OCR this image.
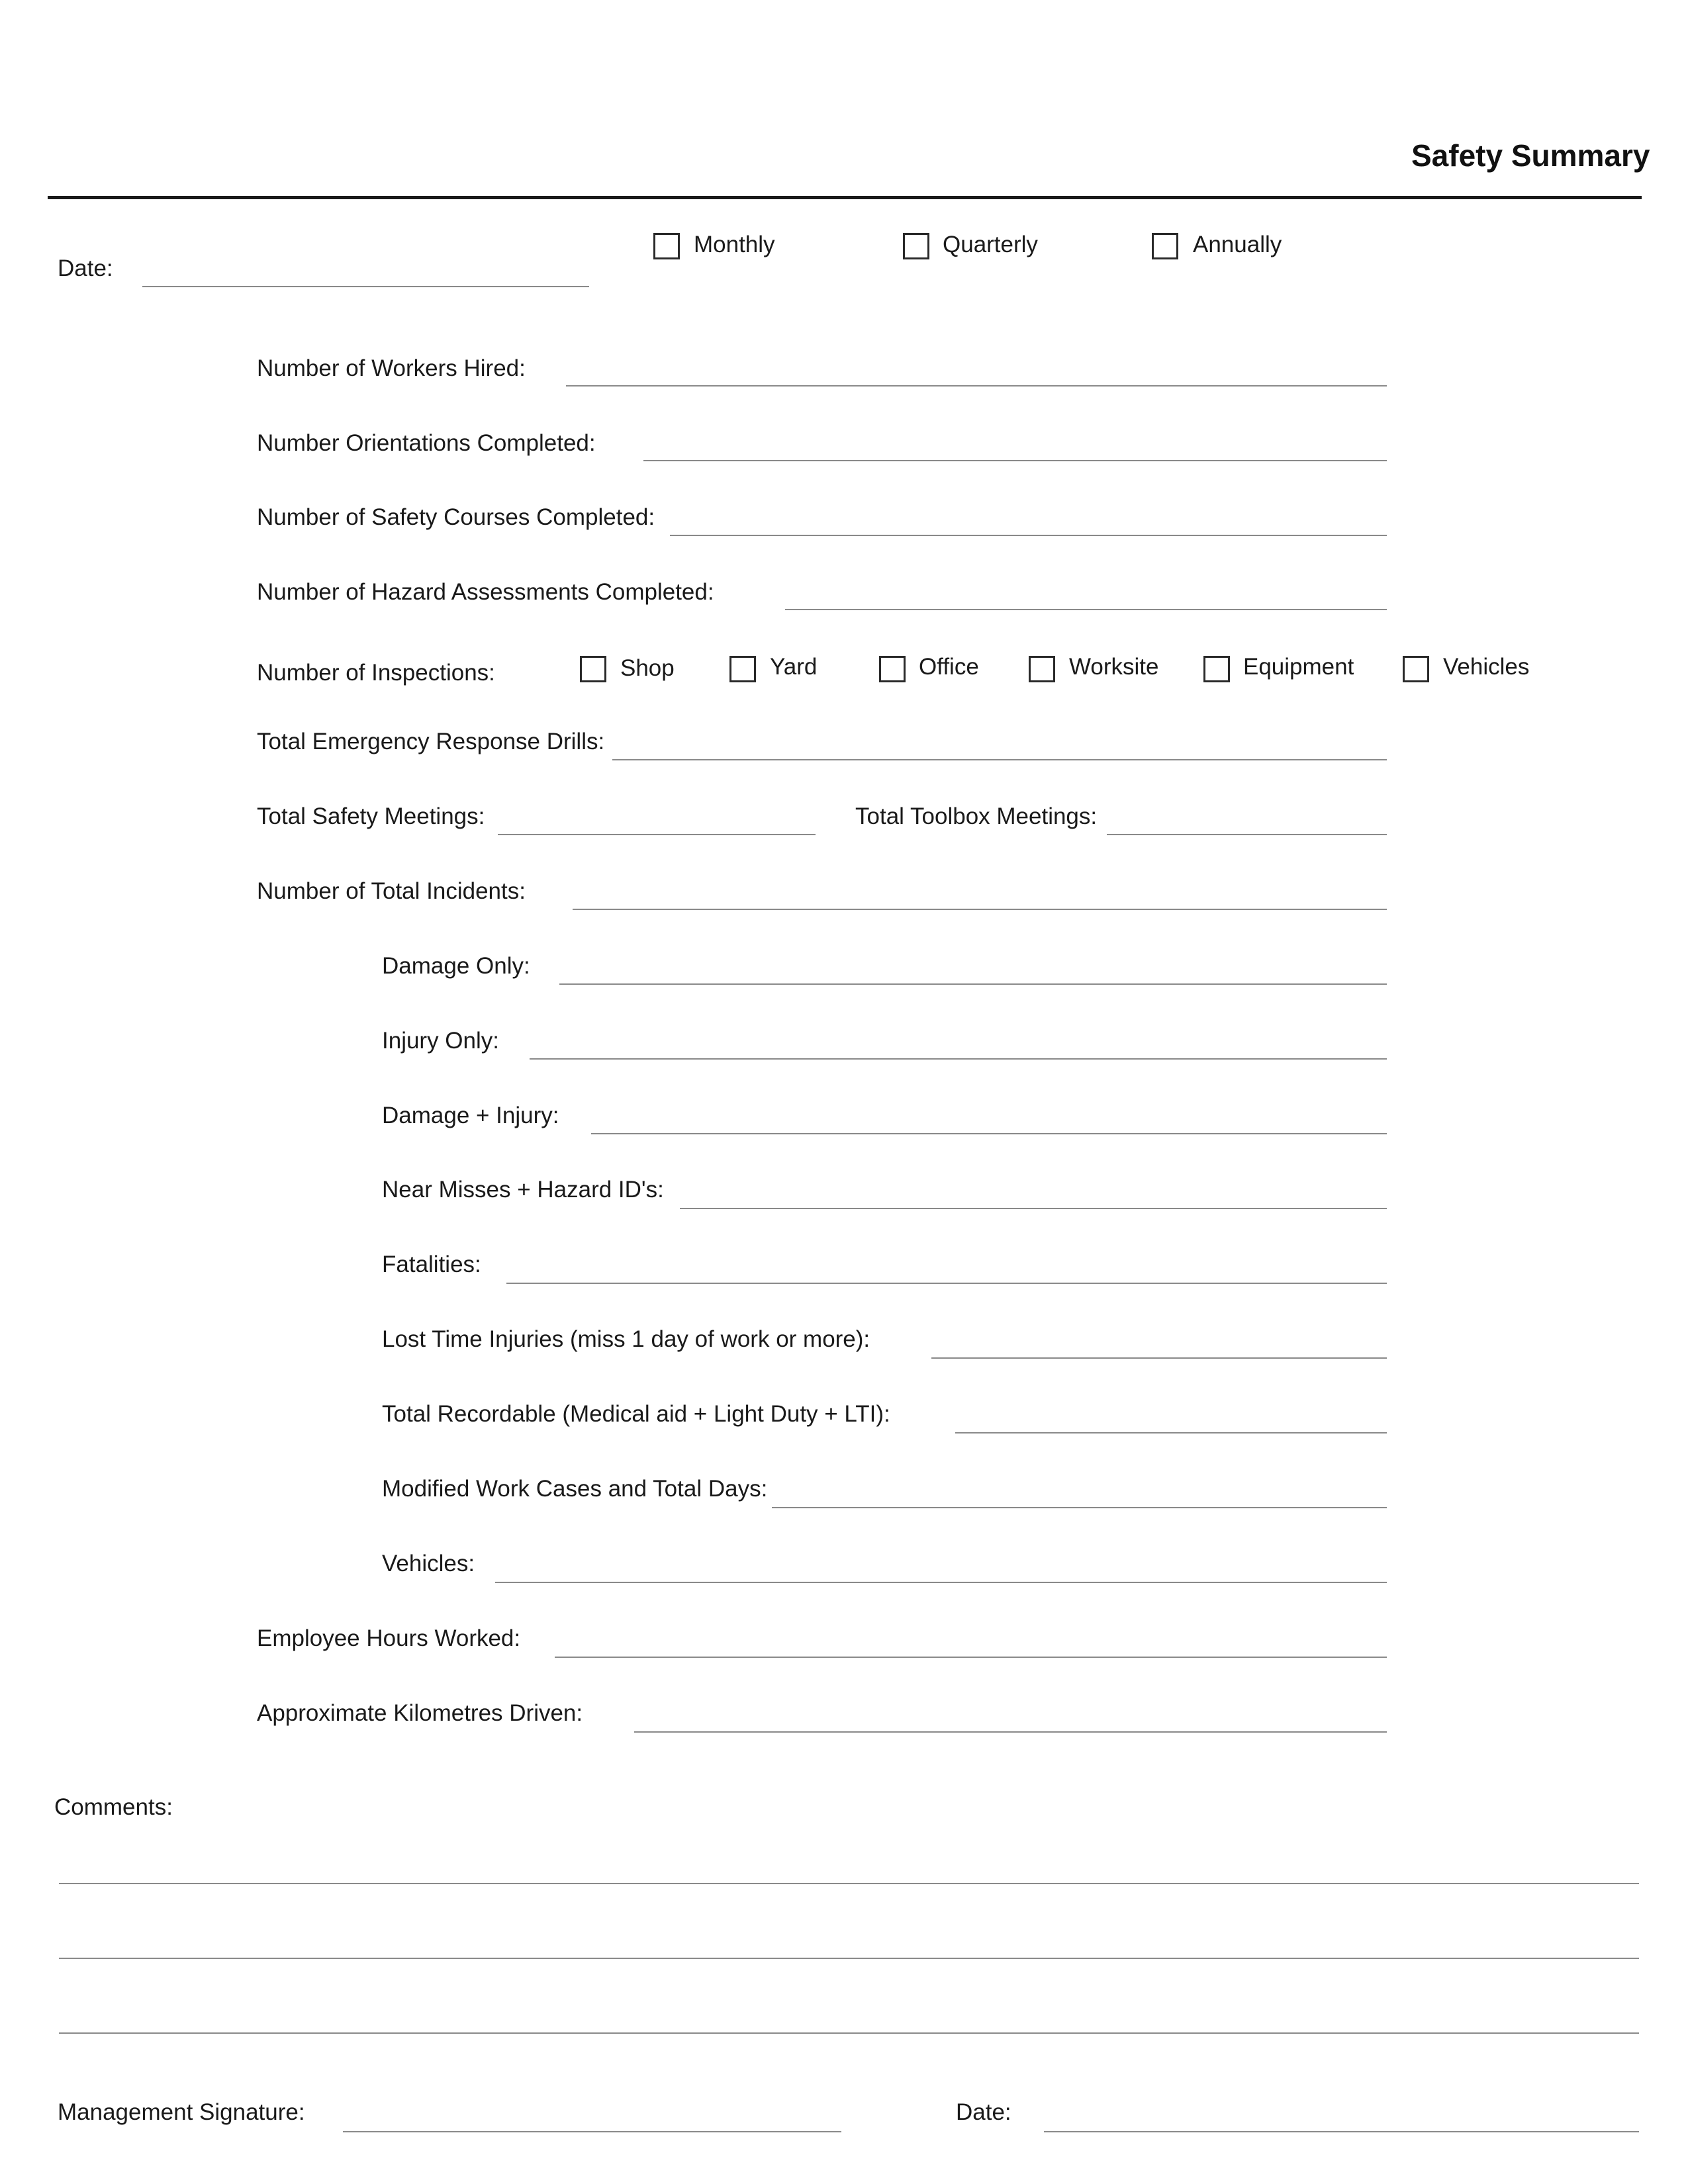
Safety Summary
Date:
Monthly	Quarterly	Annually
Number of Workers Hired:
Number Orientations Completed:
Number of Safety Courses Completed:
Number of Hazard Assessments Completed:
Number of Inspections:	Shop	Yard	Office	Worksite	Equipment	Vehicles
Total Emergency Response Drills:
Total Safety Meetings:	Total Toolbox Meetings:
Number of Total Incidents:
Damage Only:
Injury Only:
Damage + Injury:
Near Misses + Hazard ID's:
Fatalities:
Lost Time Injuries (miss 1 day of work or more):
Total Recordable (Medical aid + Light Duty + LTI):
Modified Work Cases and Total Days:
Vehicles:
Employee Hours Worked:
Approximate Kilometres Driven:
Comments:
Management Signature:	Date:
